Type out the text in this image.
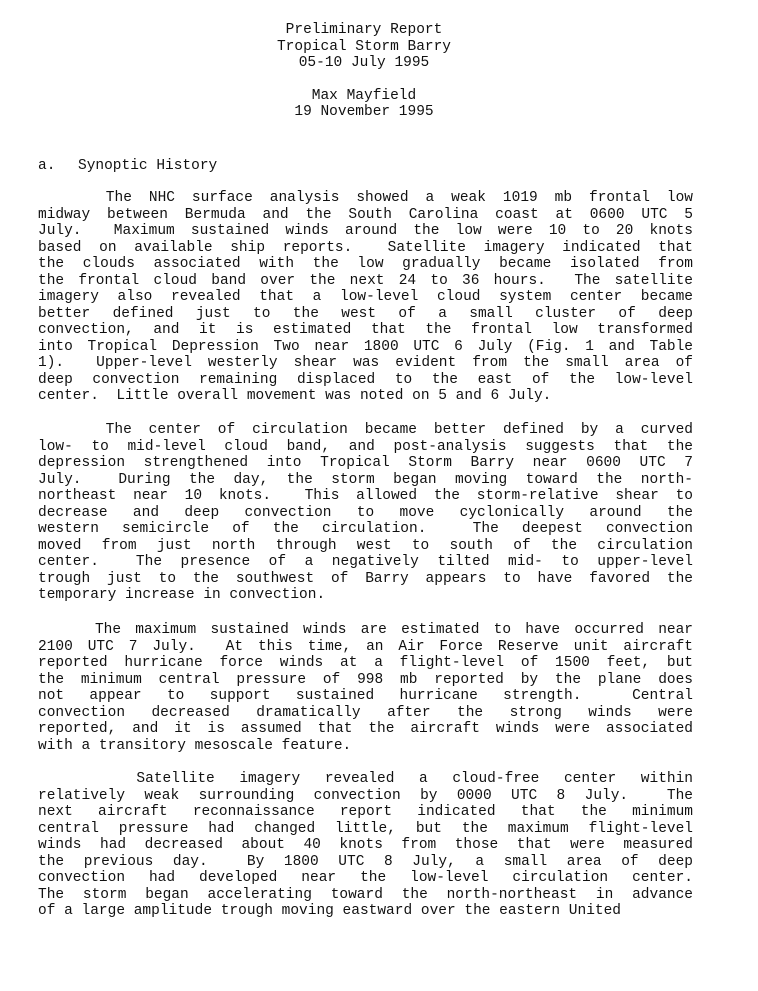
Preliminary Report
Tropical Storm Barry
05-10 July 1995
Max Mayfield
19 November 1995
a. Synoptic History
The NHC surface analysis showed a weak 1019 mb frontal low
midway between Bermuda and the South Carolina coast at 0600 UTC 5
July.  Maximum sustained winds around the low were 10 to 20 knots
based on available ship reports.  Satellite imagery indicated that
the clouds associated with the low gradually became isolated from
the frontal cloud band over the next 24 to 36 hours.  The satellite
imagery also revealed that a low-level cloud system center became
better defined just to the west of a small cluster of deep
convection, and it is estimated that the frontal low transformed
into Tropical Depression Two near 1800 UTC 6 July (Fig. 1 and Table
1).  Upper-level westerly shear was evident from the small area of
deep convection remaining displaced to the east of the low-level
center.  Little overall movement was noted on 5 and 6 July.
The center of circulation became better defined by a curved
low- to mid-level cloud band, and post-analysis suggests that the
depression strengthened into Tropical Storm Barry near 0600 UTC 7
July.  During the day, the storm began moving toward the north-
northeast near 10 knots.  This allowed the storm-relative shear to
decrease and deep convection to move cyclonically around the
western semicircle of the circulation.  The deepest convection
moved from just north through west to south of the circulation
center.  The presence of a negatively tilted mid- to upper-level
trough just to the southwest of Barry appears to have favored the
temporary increase in convection.
The maximum sustained winds are estimated to have occurred near
2100 UTC 7 July.  At this time, an Air Force Reserve unit aircraft
reported hurricane force winds at a flight-level of 1500 feet, but
the minimum central pressure of 998 mb reported by the plane does
not appear to support sustained hurricane strength.  Central
convection decreased dramatically after the strong winds were
reported, and it is assumed that the aircraft winds were associated
with a transitory mesoscale feature.
Satellite imagery revealed a cloud-free center within
relatively weak surrounding convection by 0000 UTC 8 July.  The
next aircraft reconnaissance report indicated that the minimum
central pressure had changed little, but the maximum flight-level
winds had decreased about 40 knots from those that were measured
the previous day.  By 1800 UTC 8 July, a small area of deep
convection had developed near the low-level circulation center.
The storm began accelerating toward the north-northeast in advance
of a large amplitude trough moving eastward over the eastern United
